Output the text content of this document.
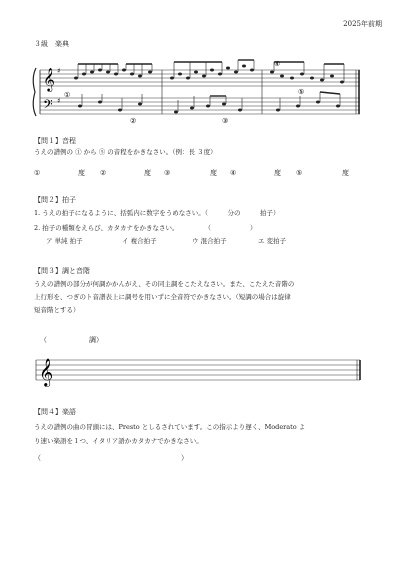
2025年前期
３級　楽典
𝄞
𝄢
♯
♯
①
②	③
④
⑤
【問１】音程
うえの譜例の ① から ⑤ の音程をかきなさい。（例：長 ３度）
①	度 ②	度 ③	度 ④	度 ⑤	度
【問２】拍子
1. うえの拍子になるように、括弧内に数字をうめなさい。（　　　分の　　　拍子）
2. 拍子の種類をえらび、カタカナをかきなさい。　　　　　（　　　　　　）
ア 単純 拍子	イ 複合拍子	ウ 混合拍子	エ 変拍子
【問３】調と音階
うえの譜例の部分が何調かかんがえ、その同主調をこたえなさい。また、こたえた音階の
上行形を、つぎのト音譜表上に調号を用いずに全音符でかきなさい。（短調の場合は旋律
短音階とする）
（　　　　　　調）
𝄞
【問４】楽語
うえの譜例の曲の冒頭には、Presto としるされています。この指示より遅く、Moderato よ
り速い楽語を１つ、イタリア語かカタカナでかきなさい。
（　　　　　　　　　　　　　　　　　　　　）
